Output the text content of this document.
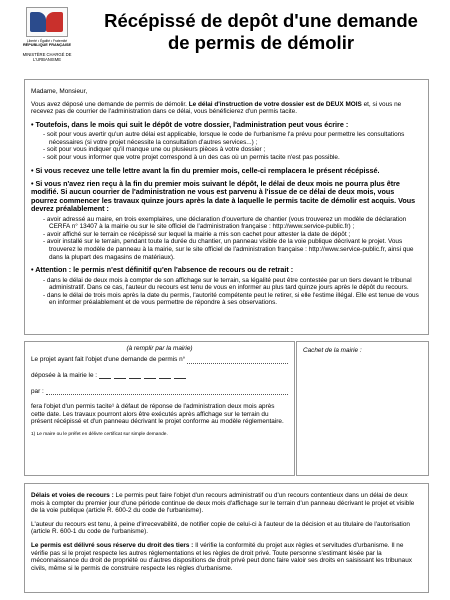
Liberté • Égalité • Fraternité
RÉPUBLIQUE FRANÇAISE
MINISTÈRE CHARGÉ DE L'URBANISME
Récépissé de depôt d'une demande
de permis de démolir

Madame, Monsieur,

Vous avez déposé une demande de permis de démolir. Le délai d'instruction de votre dossier est de DEUX MOIS et, si vous ne recevez pas de courrier de l'administration dans ce délai, vous bénéficierez d'un permis tacite.

• Toutefois, dans le mois qui suit le dépôt de votre dossier, l'administration peut vous écrire :
- soit pour vous avertir qu'un autre délai est applicable, lorsque le code de l'urbanisme l'a prévu pour permettre les consultations nécessaires (si votre projet nécessite la consultation d'autres services...) ;
- soit pour vous indiquer qu'il manque une ou plusieurs pièces à votre dossier ;
- soit pour vous informer que votre projet correspond à un des cas où un permis tacite n'est pas possible.
• Si vous recevez une telle lettre avant la fin du premier mois, celle-ci remplacera le présent récépissé.
• Si vous n'avez rien reçu à la fin du premier mois suivant le dépôt, le délai de deux mois ne pourra plus être modifié. Si aucun courrier de l'administration ne vous est parvenu à l'issue de ce délai de deux mois, vous pourrez commencer les travaux quinze jours après la date à laquelle le permis tacite de démolir est acquis. Vous devrez préalablement :
- avoir adressé au maire, en trois exemplaires, une déclaration d'ouverture de chantier (vous trouverez un modèle de déclaration CERFA n° 13407 à la mairie ou sur le site officiel de l'administration française : http://www.service-public.fr) ;
- avoir affiché sur le terrain ce récépissé sur lequel la mairie a mis son cachet pour attester la date de dépôt ;
- avoir installé sur le terrain, pendant toute la durée du chantier, un panneau visible de la voie publique décrivant le projet. Vous trouverez le modèle de panneau à la mairie, sur le site officiel de l'administration française : http://www.service-public.fr, ainsi que dans la plupart des magasins de matériaux).
• Attention : le permis n'est définitif qu'en l'absence de recours ou de retrait :
- dans le délai de deux mois à compter de son affichage sur le terrain, sa légalité peut être contestée par un tiers devant le tribunal administratif. Dans ce cas, l'auteur du recours est tenu de vous en informer au plus tard quinze jours après le dépôt du recours.
- dans le délai de trois mois après la date du permis, l'autorité compétente peut le retirer, si elle l'estime illégal. Elle est tenue de vous en informer préalablement et de vous permettre de répondre à ses observations.
(à remplir par la mairie)
Le projet ayant fait l'objet d'une demande de permis n°
déposée à la mairie le :
par :
fera l'objet d'un permis tacite¹ à défaut de réponse de l'administration deux mois après cette date. Les travaux pourront alors être exécutés après affichage sur le terrain du présent récépissé et d'un panneau décrivant le projet conforme au modèle réglementaire.
1) Le maire ou le préfet en délivre certificat sur simple demande.
Cachet de la mairie :

Délais et voies de recours : Le permis peut faire l'objet d'un recours administratif ou d'un recours contentieux dans un délai de deux mois à compter du premier jour d'une période continue de deux mois d'affichage sur le terrain d'un panneau décrivant le projet et visible de la voie publique (article R. 600-2 du code de l'urbanisme).

L'auteur du recours est tenu, à peine d'irrecevabilité, de notifier copie de celui-ci à l'auteur de la décision et au titulaire de l'autorisation (article R. 600-1 du code de l'urbanisme).

Le permis est délivré sous réserve du droit des tiers : Il vérifie la conformité du projet aux règles et servitudes d'urbanisme. Il ne vérifie pas si le projet respecte les autres réglementations et les règles de droit privé. Toute personne s'estimant lésée par la méconnaissance du droit de propriété ou d'autres dispositions de droit privé peut donc faire valoir ses droits en saisissant les tribunaux civils, même si le permis de construire respecte les règles d'urbanisme.
